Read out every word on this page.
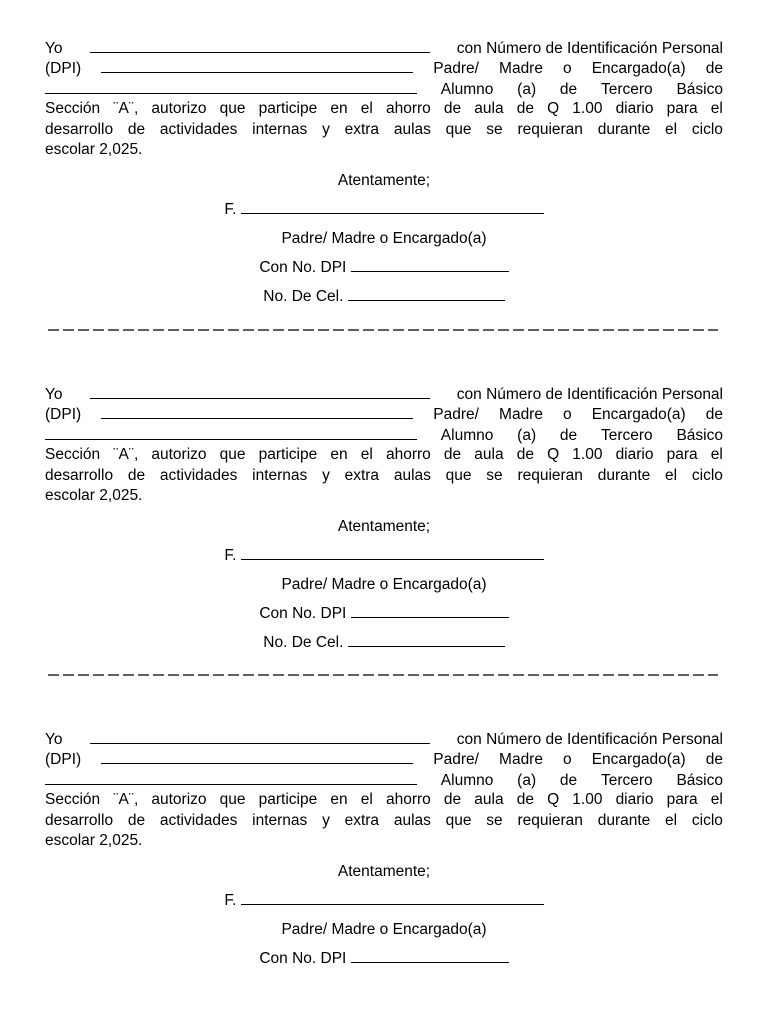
Yo	con Número de Identificación Personal
(DPI)	Padre/ Madre o Encargado(a) de
Alumno (a) de Tercero Básico
Sección ¨A¨, autorizo que participe en el ahorro de aula de Q 1.00 diario para el
desarrollo de actividades internas y extra aulas que se requieran durante el ciclo
escolar 2,025.
Atentamente;
F.
Padre/ Madre o Encargado(a)
Con No. DPI
No. De Cel.
Yo	con Número de Identificación Personal
(DPI)	Padre/ Madre o Encargado(a) de
Alumno (a) de Tercero Básico
Sección ¨A¨, autorizo que participe en el ahorro de aula de Q 1.00 diario para el
desarrollo de actividades internas y extra aulas que se requieran durante el ciclo
escolar 2,025.
Atentamente;
F.
Padre/ Madre o Encargado(a)
Con No. DPI
No. De Cel.
Yo	con Número de Identificación Personal
(DPI)	Padre/ Madre o Encargado(a) de
Alumno (a) de Tercero Básico
Sección ¨A¨, autorizo que participe en el ahorro de aula de Q 1.00 diario para el
desarrollo de actividades internas y extra aulas que se requieran durante el ciclo
escolar 2,025.
Atentamente;
F.
Padre/ Madre o Encargado(a)
Con No. DPI
